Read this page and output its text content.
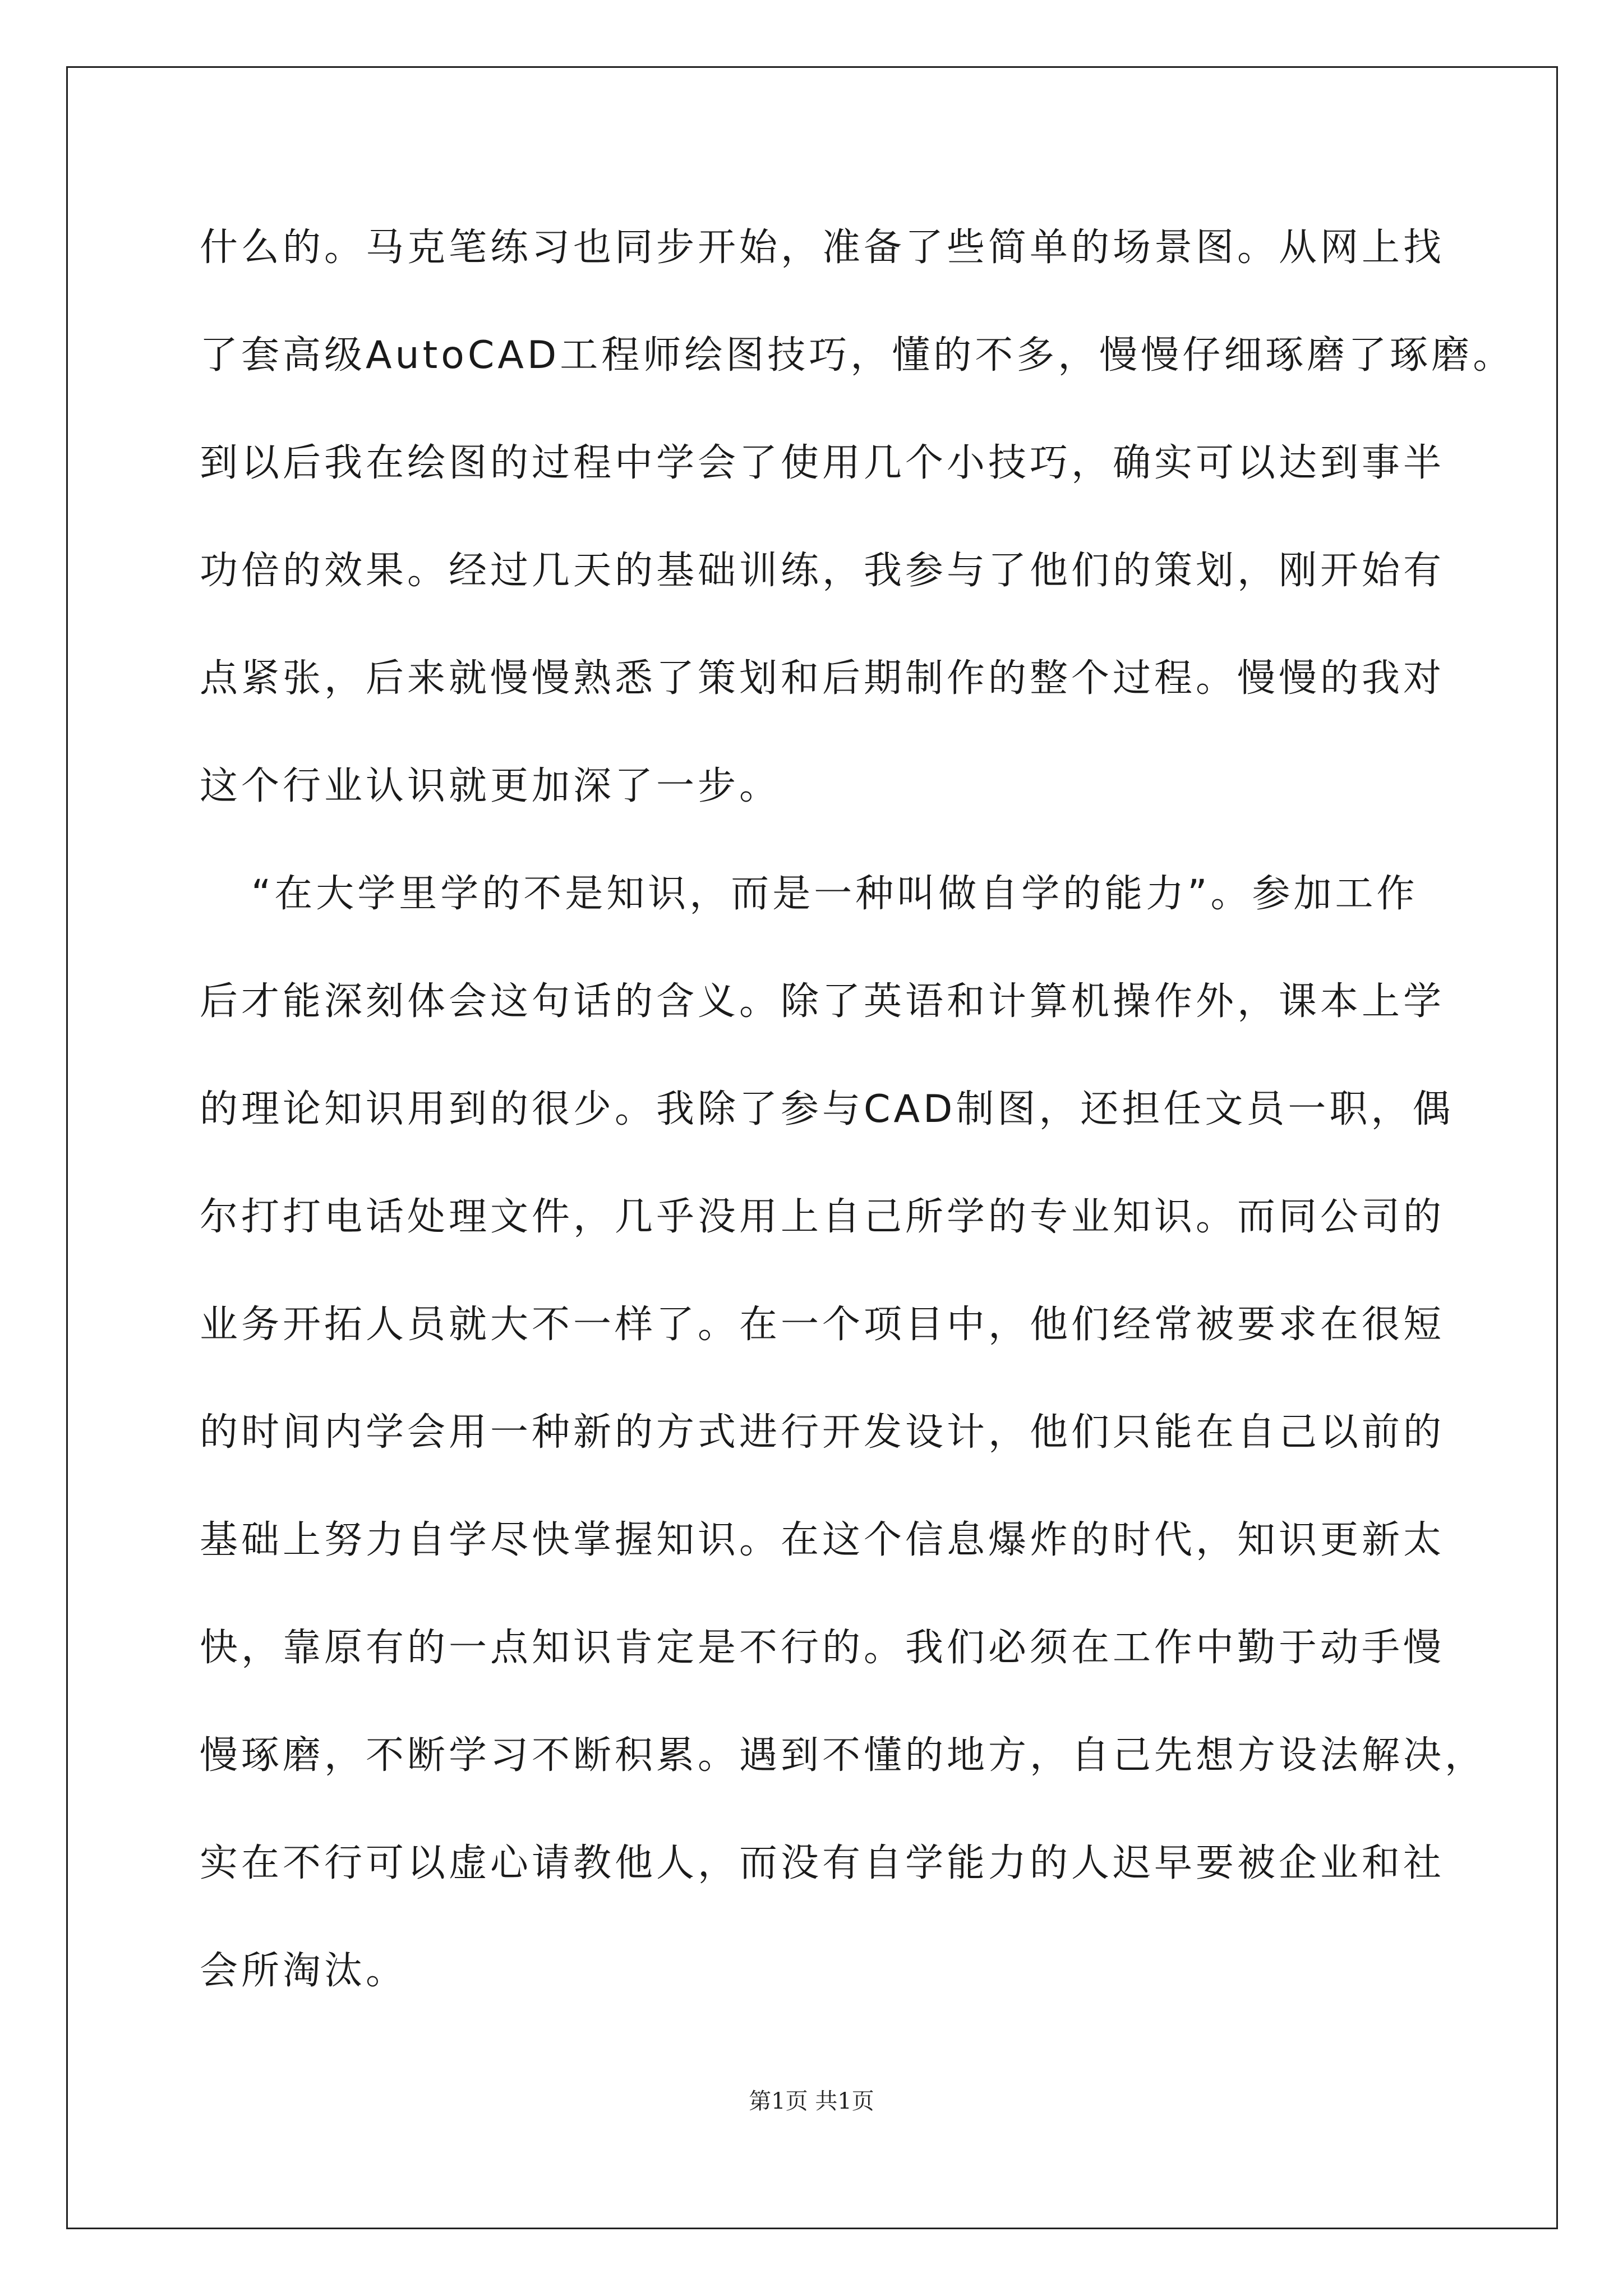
什么的。马克笔练习也同步开始，准备了些简单的场景图。从网上找
了套高级AutoCAD工程师绘图技巧，懂的不多，慢慢仔细琢磨了琢磨。
到以后我在绘图的过程中学会了使用几个小技巧，确实可以达到事半
功倍的效果。经过几天的基础训练，我参与了他们的策划，刚开始有
点紧张，后来就慢慢熟悉了策划和后期制作的整个过程。慢慢的我对
这个行业认识就更加深了一步。
“在大学里学的不是知识，而是一种叫做自学的能力”。参加工作
后才能深刻体会这句话的含义。除了英语和计算机操作外，课本上学
的理论知识用到的很少。我除了参与CAD制图，还担任文员一职，偶
尔打打电话处理文件，几乎没用上自己所学的专业知识。而同公司的
业务开拓人员就大不一样了。在一个项目中，他们经常被要求在很短
的时间内学会用一种新的方式进行开发设计，他们只能在自己以前的
基础上努力自学尽快掌握知识。在这个信息爆炸的时代，知识更新太
快，靠原有的一点知识肯定是不行的。我们必须在工作中勤于动手慢
慢琢磨，不断学习不断积累。遇到不懂的地方，自己先想方设法解决，
实在不行可以虚心请教他人，而没有自学能力的人迟早要被企业和社
会所淘汰。
第1页 共1页
